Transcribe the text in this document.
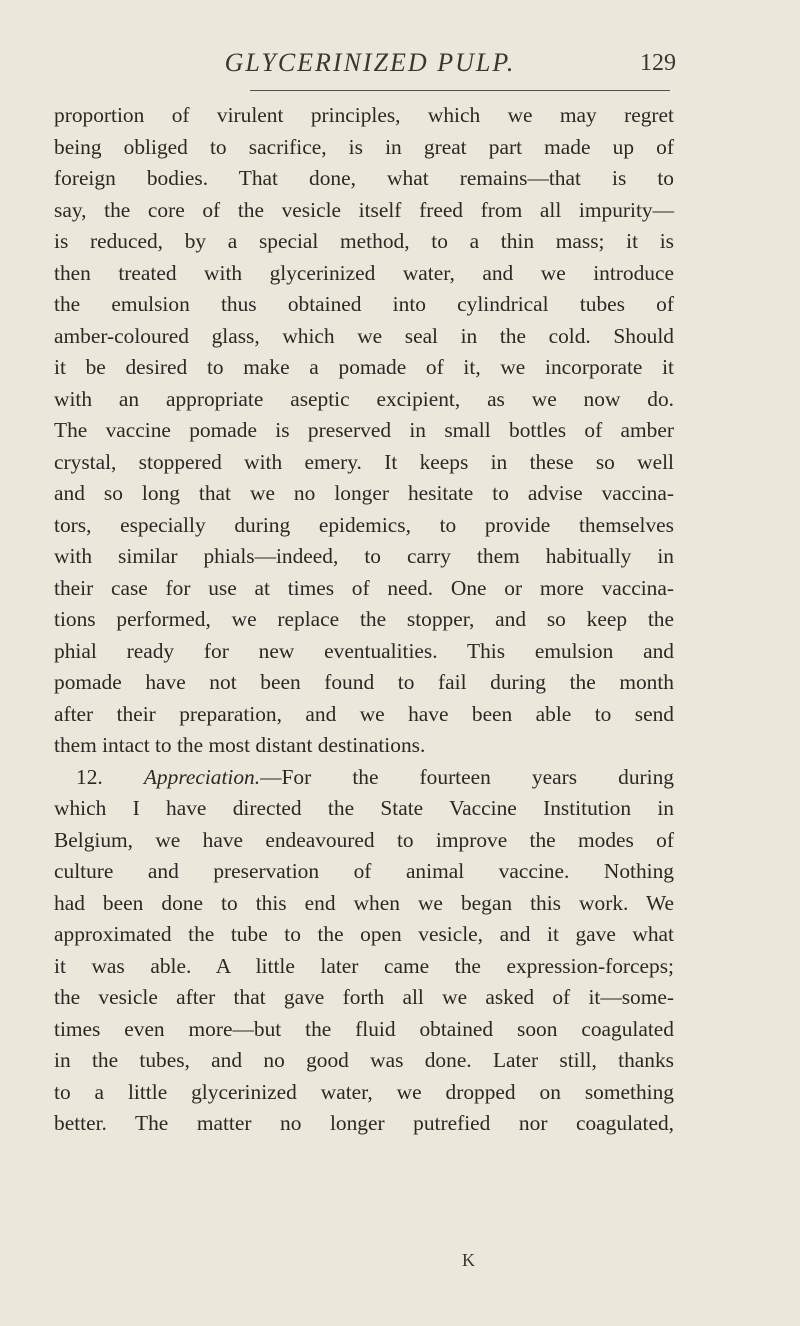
GLYCERINIZED PULP.	129
proportion of virulent principles, which we may regret
being obliged to sacrifice, is in great part made up of
foreign bodies. That done, what remains—that is to
say, the core of the vesicle itself freed from all impurity—
is reduced, by a special method, to a thin mass; it is
then treated with glycerinized water, and we introduce
the emulsion thus obtained into cylindrical tubes of
amber-coloured glass, which we seal in the cold. Should
it be desired to make a pomade of it, we incorporate it
with an appropriate aseptic excipient, as we now do.
The vaccine pomade is preserved in small bottles of amber
crystal, stoppered with emery. It keeps in these so well
and so long that we no longer hesitate to advise vaccina-
tors, especially during epidemics, to provide themselves
with similar phials—indeed, to carry them habitually in
their case for use at times of need. One or more vaccina-
tions performed, we replace the stopper, and so keep the
phial ready for new eventualities. This emulsion and
pomade have not been found to fail during the month
after their preparation, and we have been able to send
them intact to the most distant destinations.
12. Appreciation.—For the fourteen years during
which I have directed the State Vaccine Institution in
Belgium, we have endeavoured to improve the modes of
culture and preservation of animal vaccine. Nothing
had been done to this end when we began this work. We
approximated the tube to the open vesicle, and it gave what
it was able. A little later came the expression-forceps;
the vesicle after that gave forth all we asked of it—some-
times even more—but the fluid obtained soon coagulated
in the tubes, and no good was done. Later still, thanks
to a little glycerinized water, we dropped on something
better. The matter no longer putrefied nor coagulated,
K
